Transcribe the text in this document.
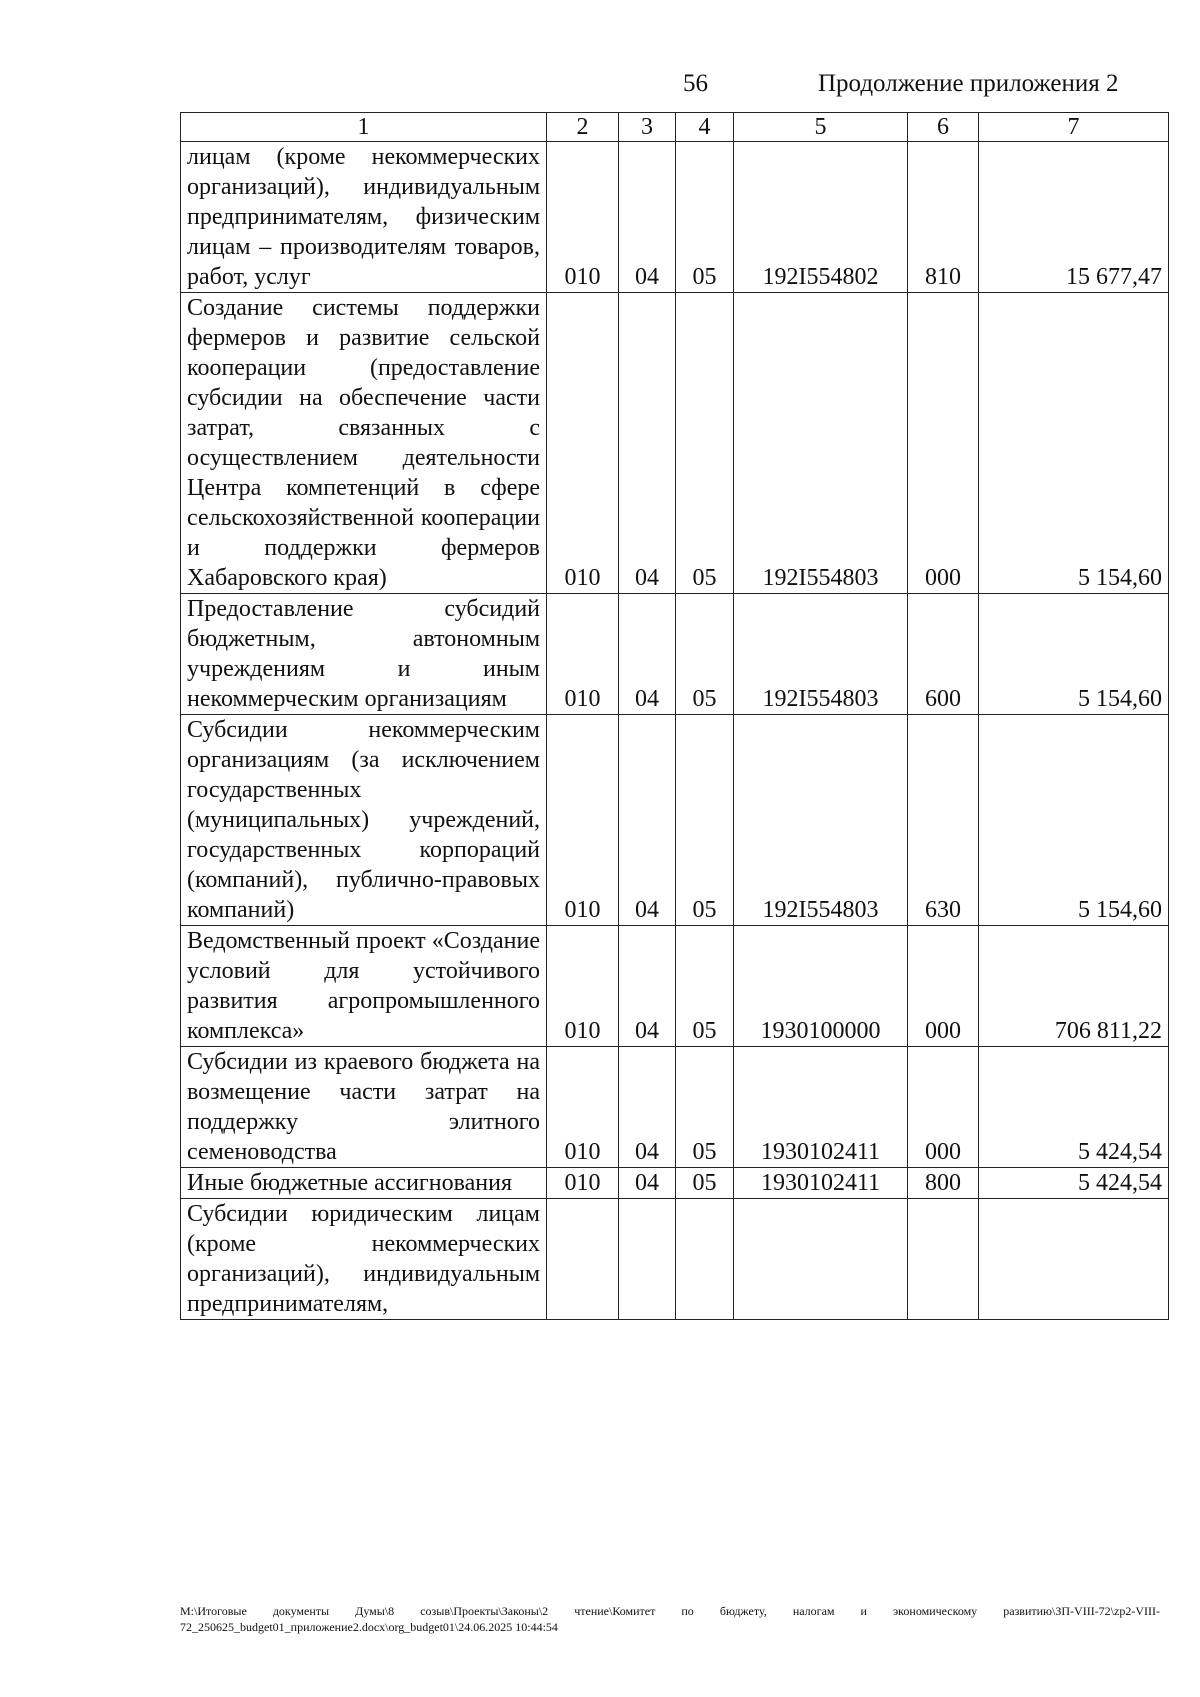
56	Продолжение приложения 2
1	2	3	4	5	6	7
лицам (кроме некоммерческих организаций), индивидуальным предпринимателям, физическим лицам – производителям товаров, работ, услуг	010	04	05	192I554802	810	15 677,47
Создание системы поддержки фермеров и развитие сельской кооперации (предоставление субсидии на обеспечение части затрат, связанных с осуществлением деятельности Центра компетенций в сфере сельскохозяйственной кооперации и поддержки фермеров Хабаровского края)	010	04	05	192I554803	000	5 154,60
Предоставление субсидий бюджетным, автономным учреждениям и иным некоммерческим организациям	010	04	05	192I554803	600	5 154,60
Субсидии некоммерческим организациям (за исключением государственных (муниципальных) учреждений, государственных корпораций (компаний), публично-правовых компаний)	010	04	05	192I554803	630	5 154,60
Ведомственный проект «Создание условий для устойчивого развития агропромышленного комплекса»	010	04	05	1930100000	000	706 811,22
Субсидии из краевого бюджета на возмещение части затрат на поддержку элитного семеноводства	010	04	05	1930102411	000	5 424,54
Иные бюджетные ассигнования	010	04	05	1930102411	800	5 424,54
Субсидии юридическим лицам (кроме некоммерческих организаций), индивидуальным предпринимателям,						
M:\Итоговые документы Думы\8 созыв\Проекты\Законы\2 чтение\Комитет по бюджету, налогам и экономическому развитию\ЗП-VIII-72\zp2-VIII-72_250625_budget01_приложение2.docx\org_budget01\24.06.2025 10:44:54
